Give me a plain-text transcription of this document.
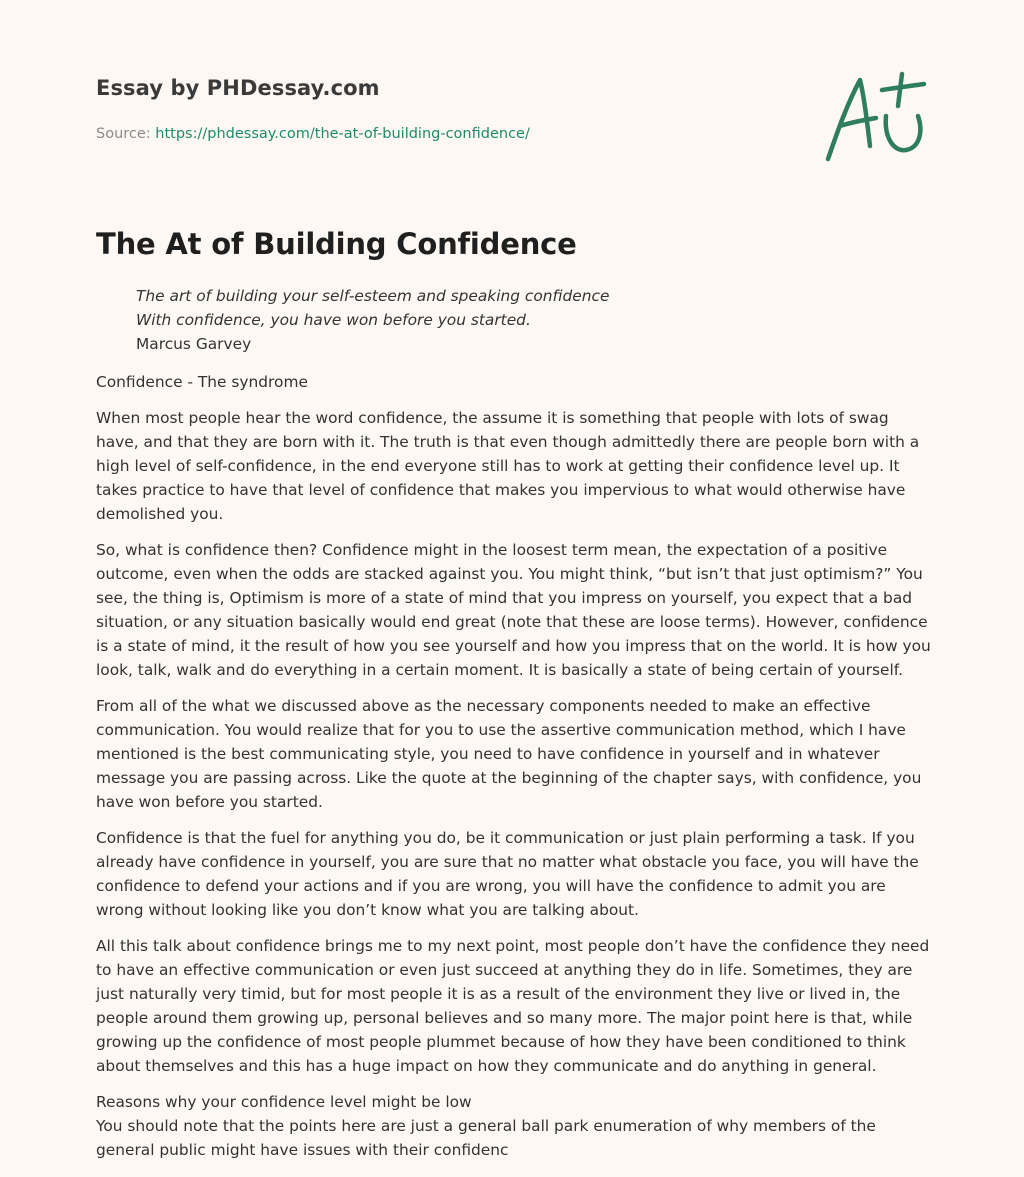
Essay by PHDessay.com
Source: https://phdessay.com/the-at-of-building-confidence/
The At of Building Confidence
The art of building your self-esteem and speaking confidence
With confidence, you have won before you started.
Marcus Garvey

Confidence - The syndrome

When most people hear the word confidence, the assume it is something that people with lots of swag have, and that they are born with it. The truth is that even though admittedly there are people born with a high level of self-confidence, in the end everyone still has to work at getting their confidence level up. It takes practice to have that level of confidence that makes you impervious to what would otherwise have demolished you.

So, what is confidence then? Confidence might in the loosest term mean, the expectation of a positive outcome, even when the odds are stacked against you. You might think, “but isn’t that just optimism?” You see, the thing is, Optimism is more of a state of mind that you impress on yourself, you expect that a bad situation, or any situation basically would end great (note that these are loose terms). However, confidence is a state of mind, it the result of how you see yourself and how you impress that on the world. It is how you look, talk, walk and do everything in a certain moment. It is basically a state of being certain of yourself.

From all of the what we discussed above as the necessary components needed to make an effective communication. You would realize that for you to use the assertive communication method, which I have mentioned is the best communicating style, you need to have confidence in yourself and in whatever message you are passing across. Like the quote at the beginning of the chapter says, with confidence, you have won before you started.

Confidence is that the fuel for anything you do, be it communication or just plain performing a task. If you already have confidence in yourself, you are sure that no matter what obstacle you face, you will have the confidence to defend your actions and if you are wrong, you will have the confidence to admit you are wrong without looking like you don’t know what you are talking about.

All this talk about confidence brings me to my next point, most people don’t have the confidence they need to have an effective communication or even just succeed at anything they do in life. Sometimes, they are just naturally very timid, but for most people it is as a result of the environment they live or lived in, the people around them growing up, personal believes and so many more. The major point here is that, while growing up the confidence of most people plummet because of how they have been conditioned to think about themselves and this has a huge impact on how they communicate and do anything in general.

Reasons why your confidence level might be low
You should note that the points here are just a general ball park enumeration of why members of the general public might have issues with their confidenc
